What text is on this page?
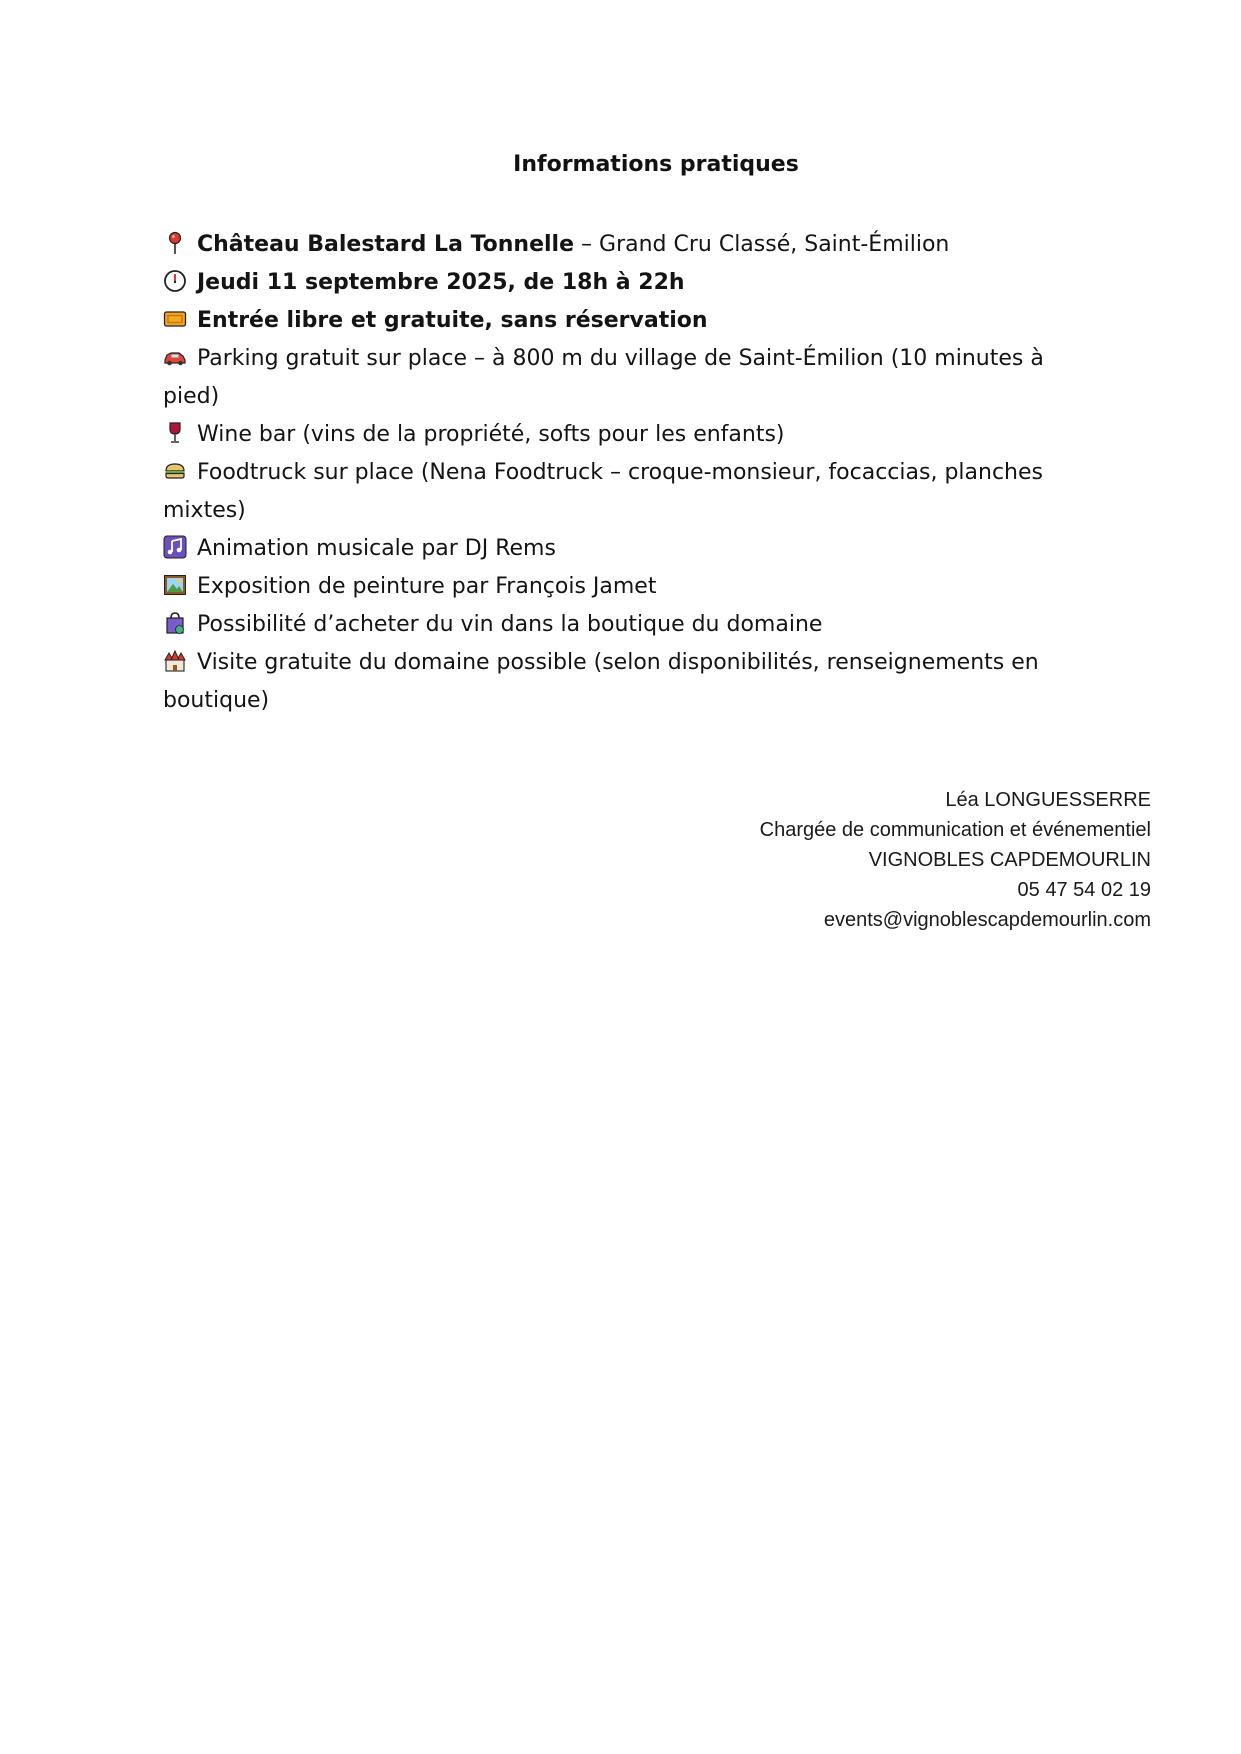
Informations pratiques
Château Balestard La Tonnelle – Grand Cru Classé, Saint-Émilion
Jeudi 11 septembre 2025, de 18h à 22h
Entrée libre et gratuite, sans réservation
Parking gratuit sur place – à 800 m du village de Saint-Émilion (10 minutes à
pied)
Wine bar (vins de la propriété, softs pour les enfants)
Foodtruck sur place (Nena Foodtruck – croque-monsieur, focaccias, planches
mixtes)
Animation musicale par DJ Rems
Exposition de peinture par François Jamet
Possibilité d’acheter du vin dans la boutique du domaine
Visite gratuite du domaine possible (selon disponibilités, renseignements en
boutique)
Léa LONGUESSERRE
Chargée de communication et événementiel
VIGNOBLES CAPDEMOURLIN
05 47 54 02 19
events@vignoblescapdemourlin.com
